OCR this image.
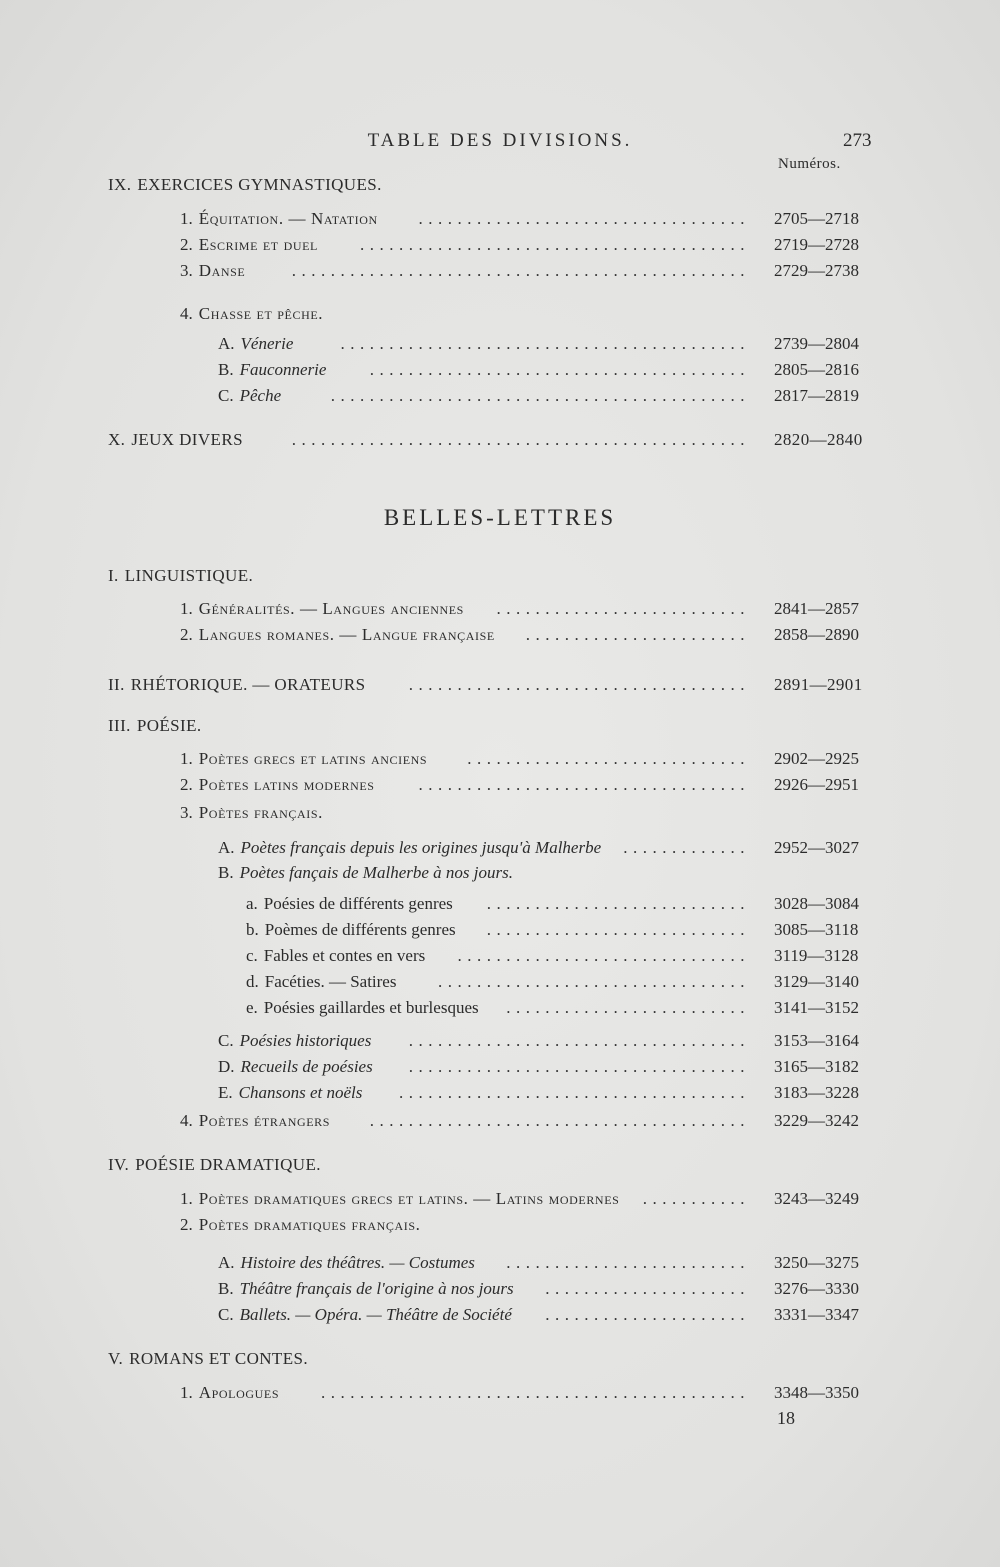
TABLE DES DIVISIONS.	273
Numéros.
BELLES-LETTRES
IX. EXERCICES GYMNASTIQUES.
1. Équitation. — Natation	.................................. 2705—2718
2. Escrime et duel	........................................ 2719—2728
3. Danse	............................................... 2729—2738
4. Chasse et pêche.
A. Vénerie	.......................................... 2739—2804
B. Fauconnerie	....................................... 2805—2816
C. Pêche	........................................... 2817—2819
X. JEUX DIVERS	............................................... 2820—2840
I. LINGUISTIQUE.
1. Généralités. — Langues anciennes	.......................... 2841—2857
2. Langues romanes. — Langue française	....................... 2858—2890
II. RHÉTORIQUE. — ORATEURS	................................... 2891—2901
III. POÉSIE.
1. Poètes grecs et latins anciens	............................. 2902—2925
2. Poètes latins modernes	.................................. 2926—2951
3. Poètes français.
A. Poètes français depuis les origines jusqu'à Malherbe	............. 2952—3027
B. Poètes fançais de Malherbe à nos jours.
a. Poésies de différents genres	........................... 3028—3084
b. Poèmes de différents genres	........................... 3085—3118
c. Fables et contes en vers	.............................. 3119—3128
d. Facéties. — Satires	................................ 3129—3140
e. Poésies gaillardes et burlesques	......................... 3141—3152
C. Poésies historiques	................................... 3153—3164
D. Recueils de poésies	................................... 3165—3182
E. Chansons et noëls	.................................... 3183—3228
4. Poètes étrangers	....................................... 3229—3242
IV. POÉSIE DRAMATIQUE.
1. Poètes dramatiques grecs et latins. — Latins modernes	........... 3243—3249
2. Poètes dramatiques français.
A. Histoire des théâtres. — Costumes	......................... 3250—3275
B. Théâtre français de l'origine à nos jours	..................... 3276—3330
C. Ballets. — Opéra. — Théâtre de Société	..................... 3331—3347
V. ROMANS ET CONTES.
1. Apologues	............................................ 3348—3350
18
